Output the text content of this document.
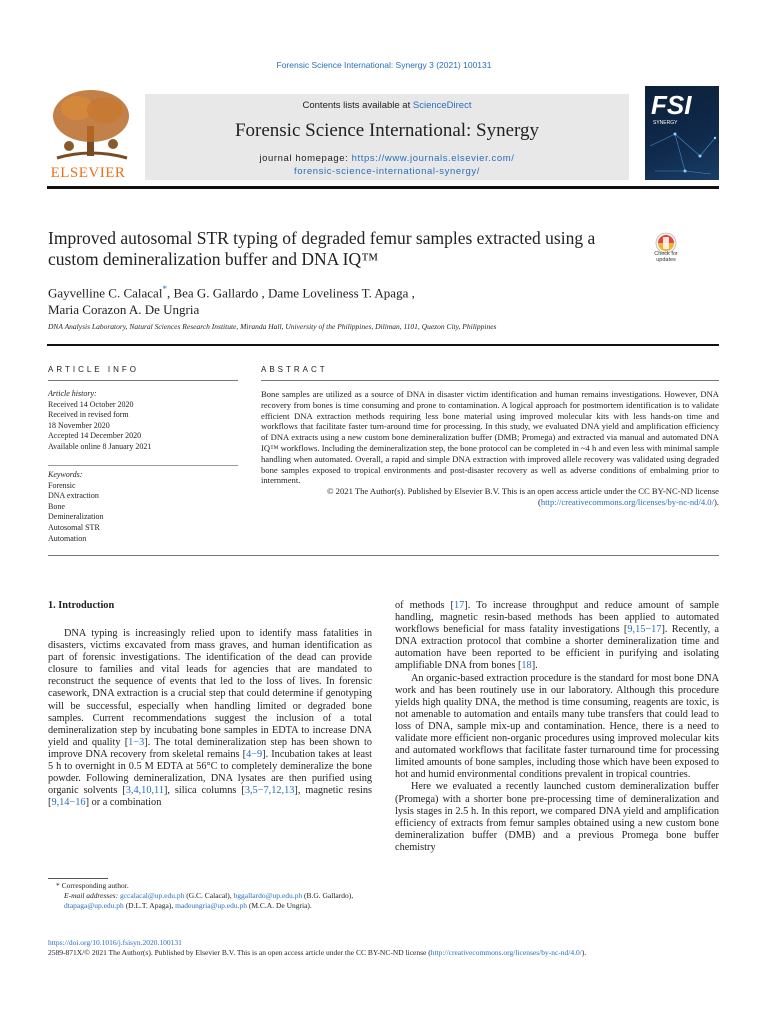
Forensic Science International: Synergy 3 (2021) 100131
ELSEVIER
Contents lists available at ScienceDirect
Forensic Science International: Synergy
journal homepage: https://www.journals.elsevier.com/
forensic-science-international-synergy/
FSI
SYNERGY
Improved autosomal STR typing of degraded femur samples extracted using a custom demineralization buffer and DNA IQ™	Check for updates
Gayvelline C. Calacal*, Bea G. Gallardo , Dame Loveliness T. Apaga ,
Maria Corazon A. De Ungria
DNA Analysis Laboratory, Natural Sciences Research Institute, Miranda Hall, University of the Philippines, Diliman, 1101, Quezon City, Philippines
ARTICLE INFO	ABSTRACT
Article history:
Received 14 October 2020
Received in revised form
18 November 2020
Accepted 14 December 2020
Available online 8 January 2021
Keywords:
Forensic
DNA extraction
Bone
Demineralization
Autosomal STR
Automation
Bone samples are utilized as a source of DNA in disaster victim identification and human remains investigations. However, DNA recovery from bones is time consuming and prone to contamination. A logical approach for postmortem identification is to validate efficient DNA extraction methods requiring less bone material using improved molecular kits with less hands-on time and workflows that facilitate faster turn-around time for processing. In this study, we evaluated DNA yield and amplification efficiency of DNA extracts using a new custom bone demineralization buffer (DMB; Promega) and extracted via manual and automated DNA IQ™ workflows. Including the demineralization step, the bone protocol can be completed in ~4 h and even less with minimal sample handling when automated. Overall, a rapid and simple DNA extraction with improved allele recovery was validated using degraded bone samples exposed to tropical environments and post-disaster recovery as well as adverse conditions of embalming prior to internment.
© 2021 The Author(s). Published by Elsevier B.V. This is an open access article under the CC BY-NC-ND license (http://creativecommons.org/licenses/by-nc-nd/4.0/).
1. Introduction

DNA typing is increasingly relied upon to identify mass fatalities in disasters, victims excavated from mass graves, and human identification as part of forensic investigations. The identification of the dead can provide closure to families and vital leads for agencies that are mandated to reconstruct the sequence of events that led to the loss of lives. In forensic casework, DNA extraction is a crucial step that could determine if genotyping will be successful, especially when handling limited or degraded bone samples. Current recommendations suggest the inclusion of a total demineralization step by incubating bone samples in EDTA to increase DNA yield and quality [1−3]. The total demineralization step has been shown to improve DNA recovery from skeletal remains [4−9]. Incubation takes at least 5 h to overnight in 0.5 M EDTA at 56°C to completely demineralize the bone powder. Following demineralization, DNA lysates are then purified using organic solvents [3,4,10,11], silica columns [3,5−7,12,13], magnetic resins [9,14−16] or a combination

of methods [17]. To increase throughput and reduce amount of sample handling, magnetic resin-based methods has been applied to automated workflows beneficial for mass fatality investigations [9,15−17]. Recently, a DNA extraction protocol that combine a shorter demineralization time and automation have been reported to be efficient in purifying and isolating amplifiable DNA from bones [18].

An organic-based extraction procedure is the standard for most bone DNA work and has been routinely use in our laboratory. Although this procedure yields high quality DNA, the method is time consuming, reagents are toxic, is not amenable to automation and entails many tube transfers that could lead to loss of DNA, sample mix-up and contamination. Hence, there is a need to validate more efficient non-organic procedures using improved molecular kits and automated workflows that facilitate faster turnaround time for processing limited amounts of bone samples, including those which have been exposed to hot and humid environmental conditions prevalent in tropical countries.

Here we evaluated a recently launched custom demineralization buffer (Promega) with a shorter bone pre-processing time of demineralization and lysis stages in 2.5 h. In this report, we compared DNA yield and amplification efficiency of extracts from femur samples obtained using a new custom bone demineralization buffer (DMB) and a previous Promega bone buffer chemistry

* Corresponding author.
E-mail addresses: gccalacal@up.edu.ph (G.C. Calacal), bggallardo@up.edu.ph (B.G. Gallardo), dtapaga@up.edu.ph (D.L.T. Apaga), madeungria@up.edu.ph (M.C.A. De Ungria).
https://doi.org/10.1016/j.fsisyn.2020.100131
2589-871X/© 2021 The Author(s). Published by Elsevier B.V. This is an open access article under the CC BY-NC-ND license (http://creativecommons.org/licenses/by-nc-nd/4.0/).
